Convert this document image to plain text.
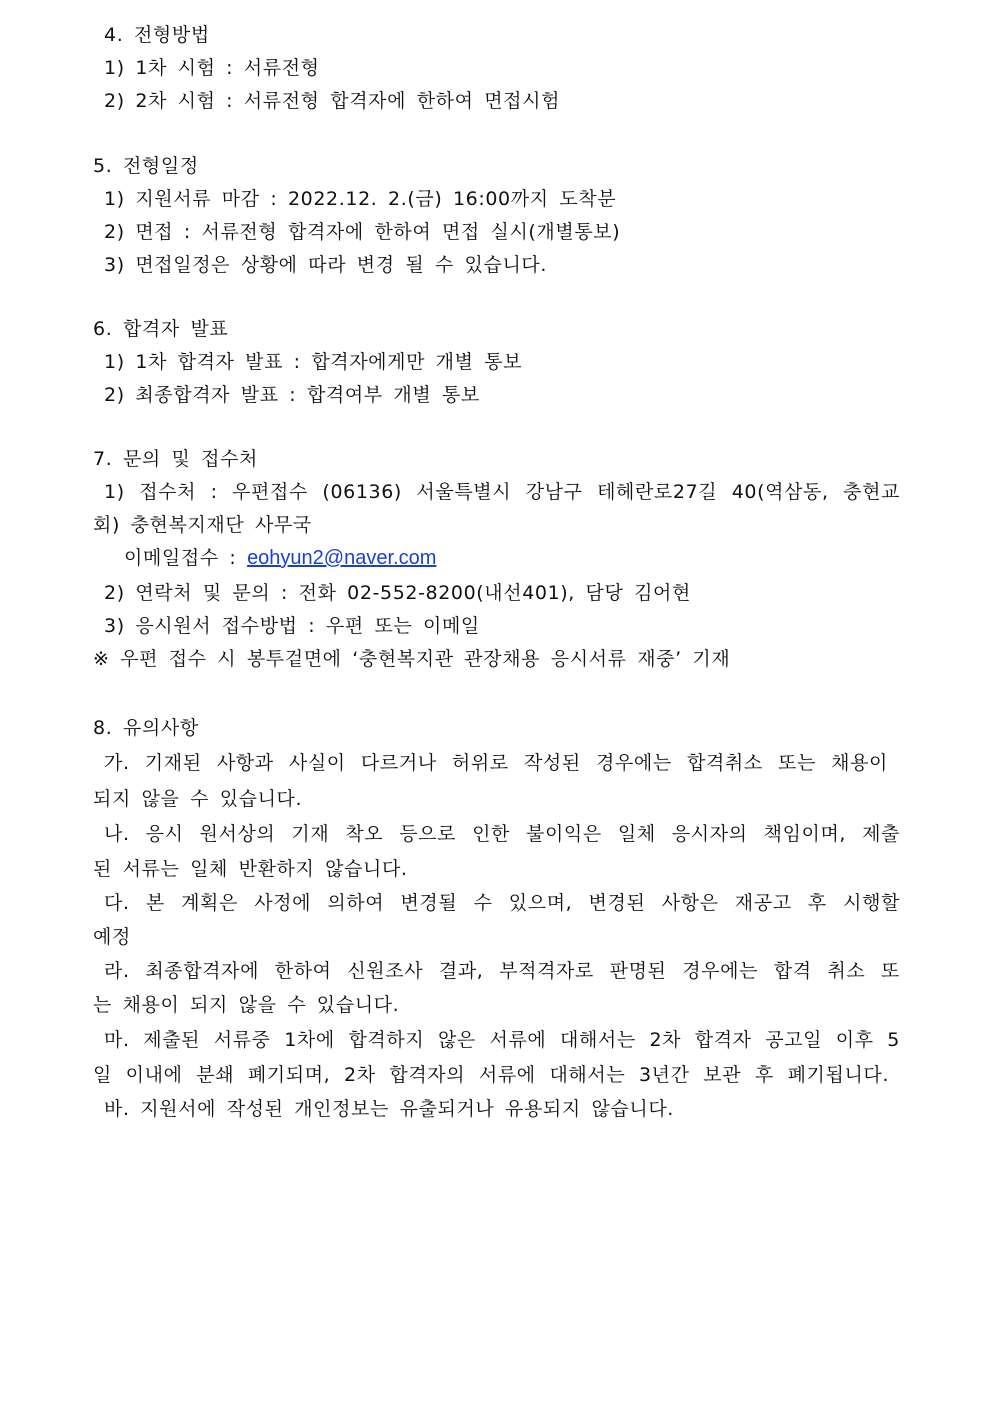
4. 전형방법
1) 1차 시험 : 서류전형
2) 2차 시험 : 서류전형 합격자에 한하여 면접시험
5. 전형일정
1) 지원서류 마감 : 2022.12. 2.(금) 16:00까지 도착분
2) 면접 : 서류전형 합격자에 한하여 면접 실시(개별통보)
3) 면접일정은 상황에 따라 변경 될 수 있습니다.
6. 합격자 발표
1) 1차 합격자 발표 : 합격자에게만 개별 통보
2) 최종합격자 발표 : 합격여부 개별 통보
7. 문의 및 접수처
1) 접수처 : 우편접수 (06136) 서울특별시 강남구 테헤란로27길 40(역삼동, 충현교
회) 충현복지재단 사무국
이메일접수 : eohyun2@naver.com
2) 연락처 및 문의 : 전화 02-552-8200(내선401), 담당 김어현
3) 응시원서 접수방법 : 우편 또는 이메일
※ 우편 접수 시 봉투겉면에 ‘충현복지관 관장채용 응시서류 재중’ 기재
8. 유의사항
가. 기재된 사항과 사실이 다르거나 허위로 작성된 경우에는 합격취소 또는 채용이
되지 않을 수 있습니다.
나. 응시 원서상의 기재 착오 등으로 인한 불이익은 일체 응시자의 책임이며, 제출
된 서류는 일체 반환하지 않습니다.
다. 본 계획은 사정에 의하여 변경될 수 있으며, 변경된 사항은 재공고 후 시행할
예정
라. 최종합격자에 한하여 신원조사 결과, 부적격자로 판명된 경우에는 합격 취소 또
는 채용이 되지 않을 수 있습니다.
마. 제출된 서류중 1차에 합격하지 않은 서류에 대해서는 2차 합격자 공고일 이후 5
일 이내에 분쇄 폐기되며, 2차 합격자의 서류에 대해서는 3년간 보관 후 폐기됩니다.
바. 지원서에 작성된 개인정보는 유출되거나 유용되지 않습니다.
